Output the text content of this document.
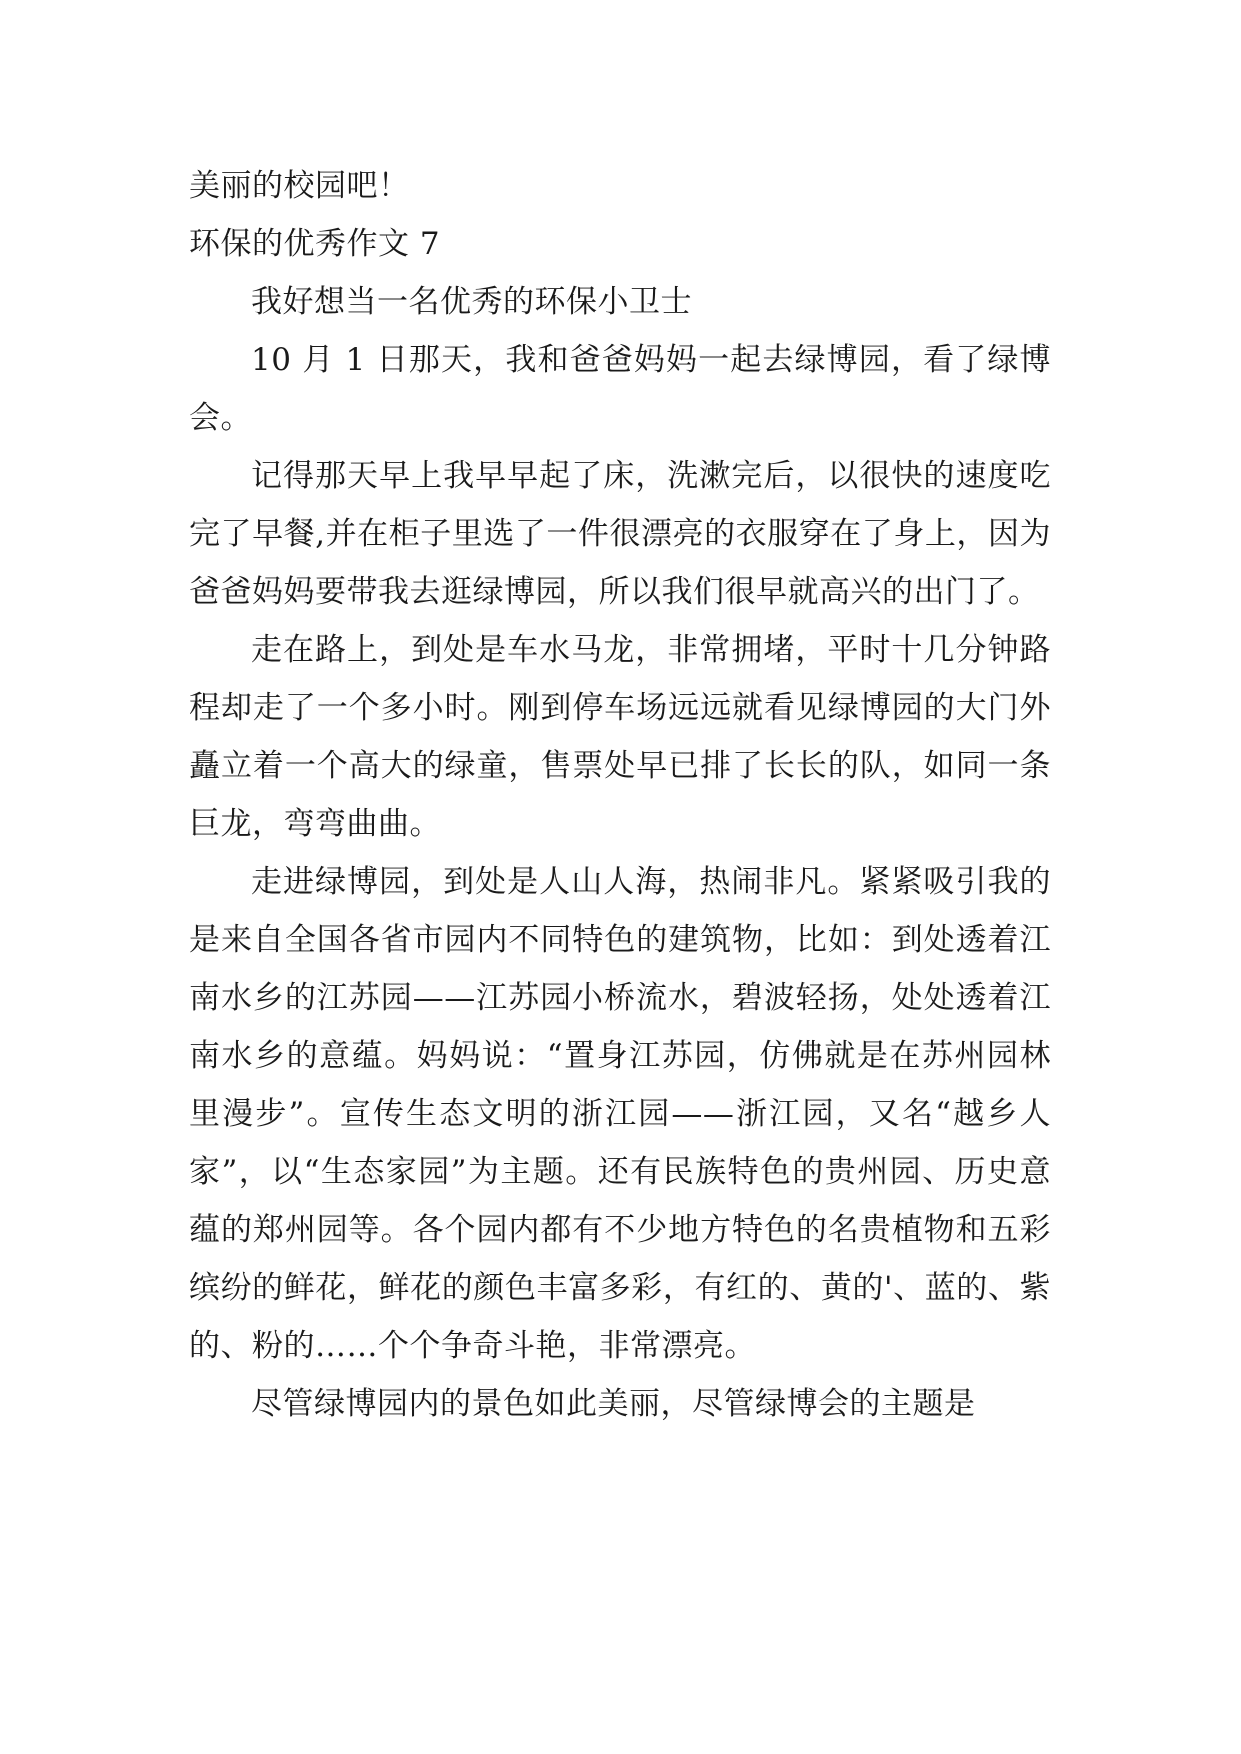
美丽的校园吧！

环保的优秀作文 7

我好想当一名优秀的环保小卫士

10 月 1 日那天，我和爸爸妈妈一起去绿博园，看了绿博会。

记得那天早上我早早起了床，洗漱完后，以很快的速度吃完了早餐,并在柜子里选了一件很漂亮的衣服穿在了身上，因为爸爸妈妈要带我去逛绿博园，所以我们很早就高兴的出门了。

走在路上，到处是车水马龙，非常拥堵，平时十几分钟路程却走了一个多小时。刚到停车场远远就看见绿博园的大门外矗立着一个高大的绿童，售票处早已排了长长的队，如同一条巨龙，弯弯曲曲。

走进绿博园，到处是人山人海，热闹非凡。紧紧吸引我的是来自全国各省市园内不同特色的建筑物，比如：到处透着江南水乡的江苏园——江苏园小桥流水，碧波轻扬，处处透着江南水乡的意蕴。妈妈说：“置身江苏园，仿佛就是在苏州园林里漫步”。宣传生态文明的浙江园——浙江园，又名“越乡人家”，以“生态家园”为主题。还有民族特色的贵州园、历史意蕴的郑州园等。各个园内都有不少地方特色的名贵植物和五彩缤纷的鲜花，鲜花的颜色丰富多彩，有红的、黄的'、蓝的、紫的、粉的……个个争奇斗艳，非常漂亮。

尽管绿博园内的景色如此美丽，尽管绿博会的主题是
